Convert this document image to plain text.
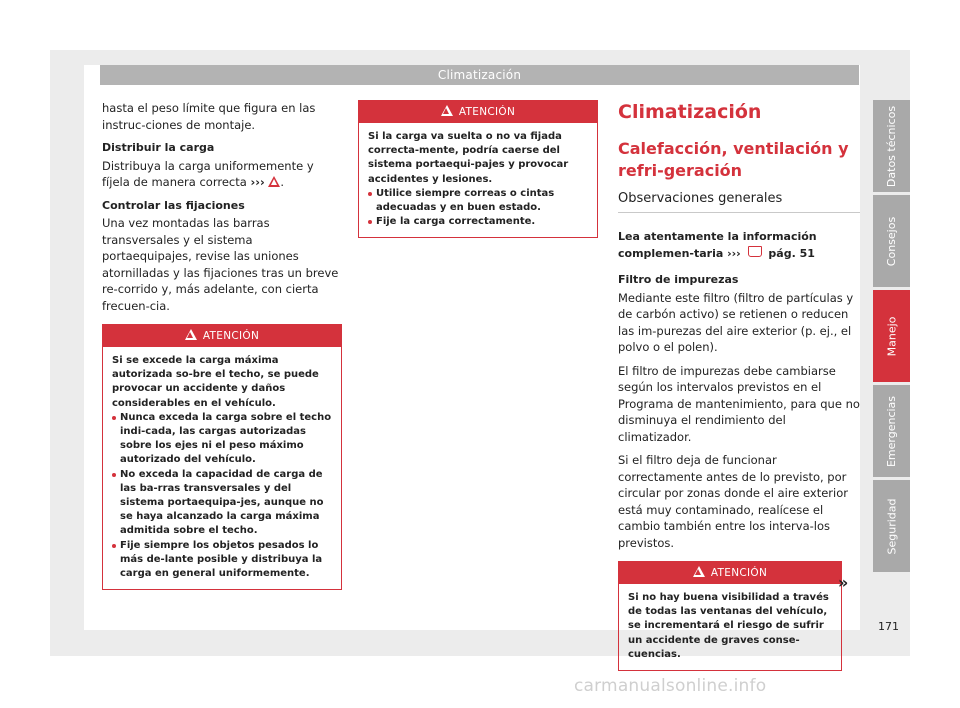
Climatización

hasta el peso límite que figura en las instruc-ciones de montaje.

Distribuir la carga

Distribuya la carga uniformemente y fíjela de manera correcta ››› .

Controlar las fijaciones

Una vez montadas las barras transversales y el sistema portaequipajes, revise las uniones atornilladas y las fijaciones tras un breve re-corrido y, más adelante, con cierta frecuen-cia.

ATENCIÓN
Si se excede la carga máxima autorizada so-bre el techo, se puede provocar un accidente y daños considerables en el vehículo.
Nunca exceda la carga sobre el techo indi-cada, las cargas autorizadas sobre los ejes ni el peso máximo autorizado del vehículo.
No exceda la capacidad de carga de las ba-rras transversales y del sistema portaequipa-jes, aunque no se haya alcanzado la carga máxima admitida sobre el techo.
Fije siempre los objetos pesados lo más de-lante posible y distribuya la carga en general uniformemente.
ATENCIÓN
Si la carga va suelta o no va fijada correcta-mente, podría caerse del sistema portaequi-pajes y provocar accidentes y lesiones.
Utilice siempre correas o cintas adecuadas y en buen estado.
Fije la carga correctamente.
Climatización
Calefacción, ventilación y refri-geración
Observaciones generales

Lea atentamente la información complemen-taria ›››	pág. 51

Filtro de impurezas

Mediante este filtro (filtro de partículas y de carbón activo) se retienen o reducen las im-purezas del aire exterior (p. ej., el polvo o el polen).

El filtro de impurezas debe cambiarse según los intervalos previstos en el Programa de mantenimiento, para que no disminuya el rendimiento del climatizador.

Si el filtro deja de funcionar correctamente antes de lo previsto, por circular por zonas donde el aire exterior está muy contaminado, realícese el cambio también entre los interva-los previstos.

ATENCIÓN
Si no hay buena visibilidad a través de todas las ventanas del vehículo, se incrementará el riesgo de sufrir un accidente de graves conse-cuencias.
»
Datos técnicos
Consejos
Manejo
Emergencias
Seguridad
171
carmanualsonline.info
